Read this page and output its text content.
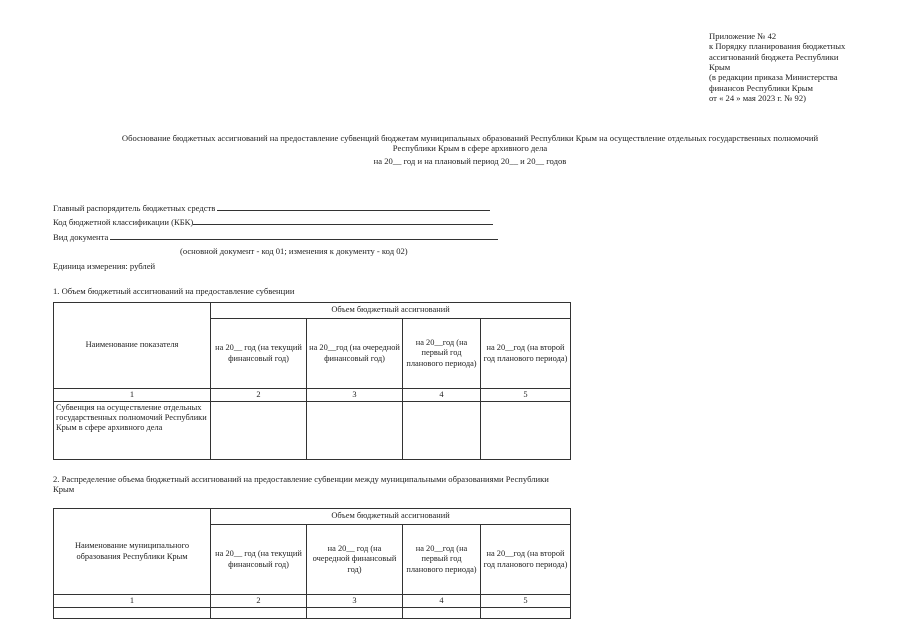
Приложение № 42
к Порядку планирования бюджетных
ассигнований бюджета Республики
Крым
(в редакции приказа Министерства
финансов Республики Крым
от « 24 » мая 2023 г. № 92)
Обоснование бюджетных ассигнований на предоставление субвенций бюджетам муниципальных образований Республики Крым на осуществление отдельных государственных полномочий
Республики Крым в сфере архивного дела
на 20__ год и на плановый период 20__ и 20__ годов
Главный распорядитель бюджетных средств
Код бюджетной классификации (КБК)
Вид документа
(основной документ - код 01; изменения к документу - код 02)
Единица измерения: рублей
1. Объем бюджетный ассигнований на предоставление субвенции
Наименование показателя	Объем бюджетный ассигнований			
	на 20__ год (на текущий финансовый год)	на 20__год (на очередной финансовый год)	на 20__год (на первый год планового периода)	на 20__год (на второй год планового периода)
1	2	3	4	5
Субвенция на осуществление отдельных государственных полномочий Республики Крым в сфере архивного дела				
2. Распределение объема бюджетный ассигнований на предоставление субвенции между муниципальными образованиями Республики Крым
Наименование муниципального образования Республики Крым	Объем бюджетный ассигнований			
	на 20__ год (на текущий финансовый год)	на 20__ год (на очередной финансовый год)	на 20__год (на первый год планового периода)	на 20__год (на второй год планового периода)
1	2	3	4	5
